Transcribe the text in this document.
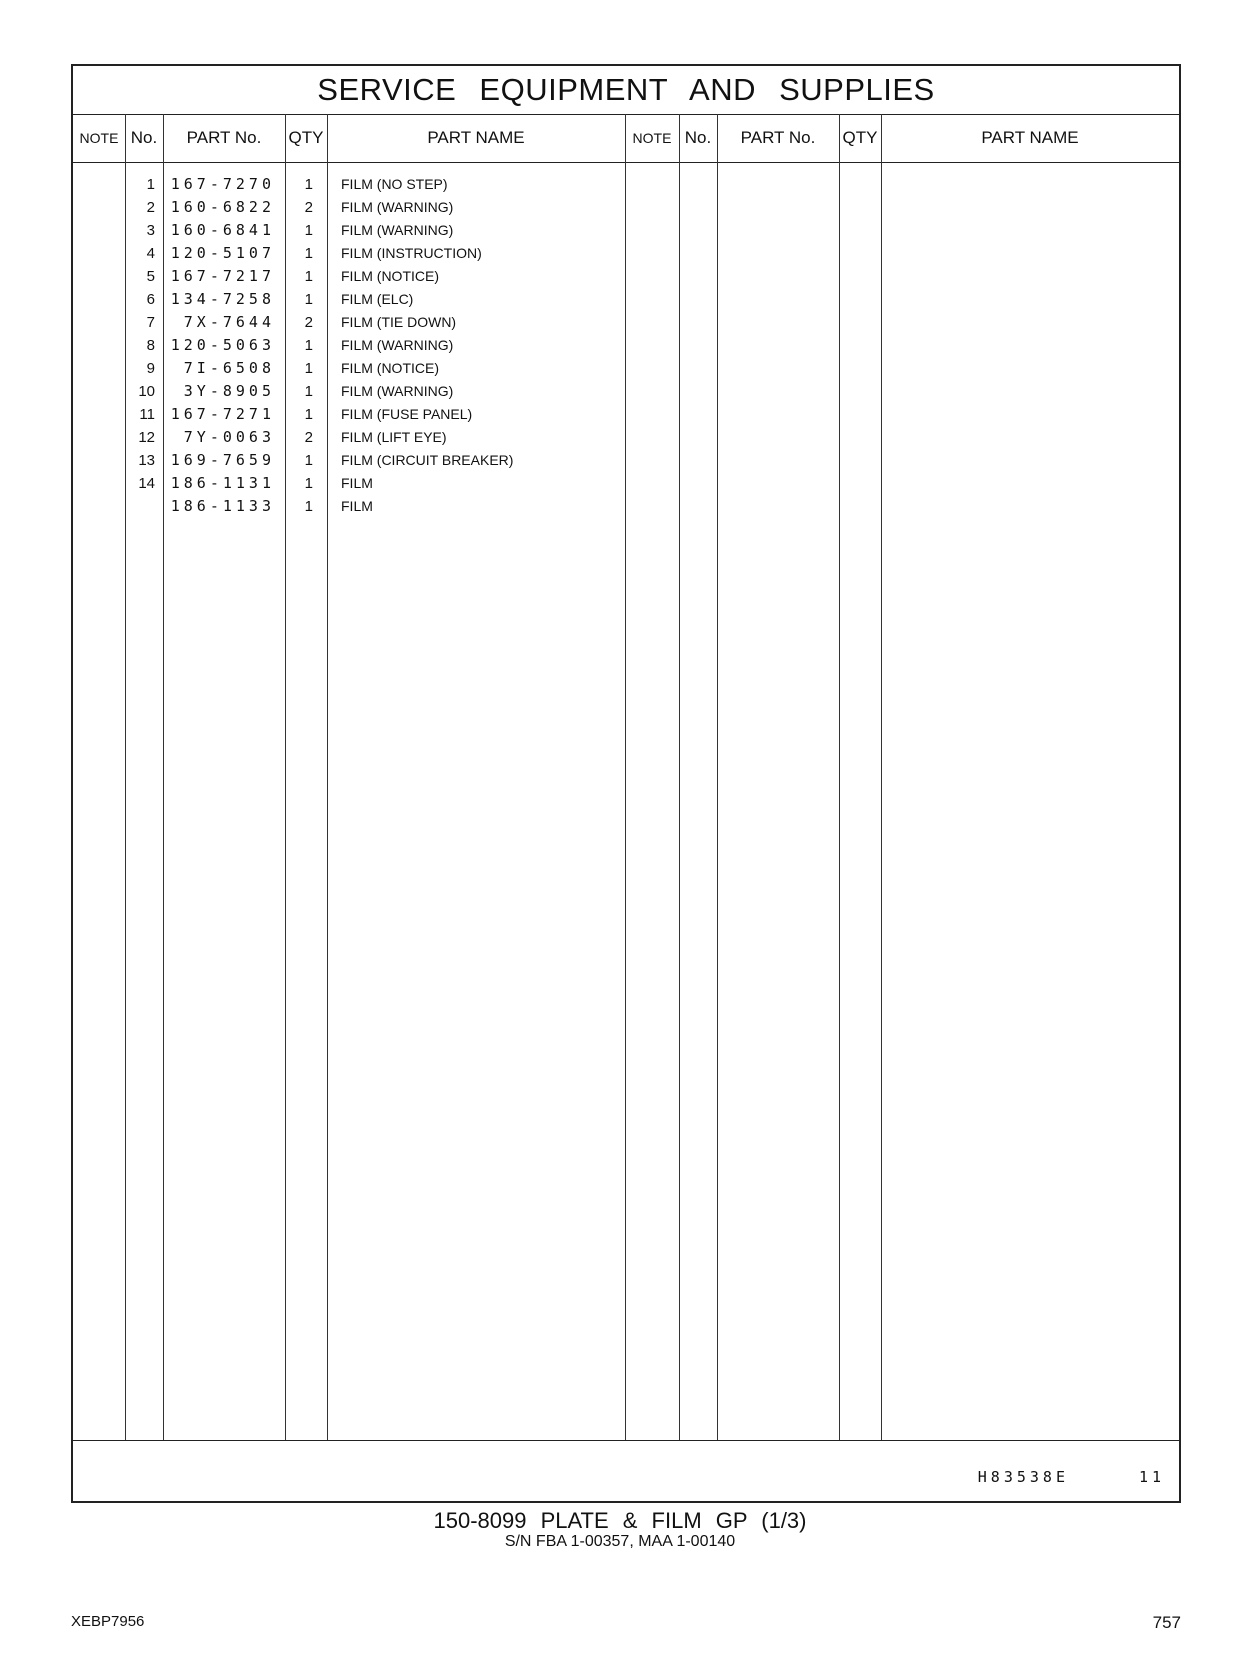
SERVICE EQUIPMENT AND SUPPLIES
NOTE No.	PART No.	QTY	PART NAME	NOTE No.	PART No.	QTY	PART NAME
1	167-7270	1 FILM (NO STEP)
2	160-6822	2 FILM (WARNING)
3	160-6841	1 FILM (WARNING)
4	120-5107	1 FILM (INSTRUCTION)
5	167-7217	1 FILM (NOTICE)
6	134-7258	1 FILM (ELC)
7	7X-7644	2 FILM (TIE DOWN)
8	120-5063	1 FILM (WARNING)
9	7I-6508	1 FILM (NOTICE)
10	3Y-8905	1 FILM (WARNING)
11	167-7271	1 FILM (FUSE PANEL)
12	7Y-0063	2 FILM (LIFT EYE)
13	169-7659	1 FILM (CIRCUIT BREAKER)
14	186-1131	1 FILM
186-1133	1 FILM
H83538E	11
150-8099 PLATE & FILM GP (1/3)
S/N FBA 1-00357, MAA 1-00140
XEBP7956	757
